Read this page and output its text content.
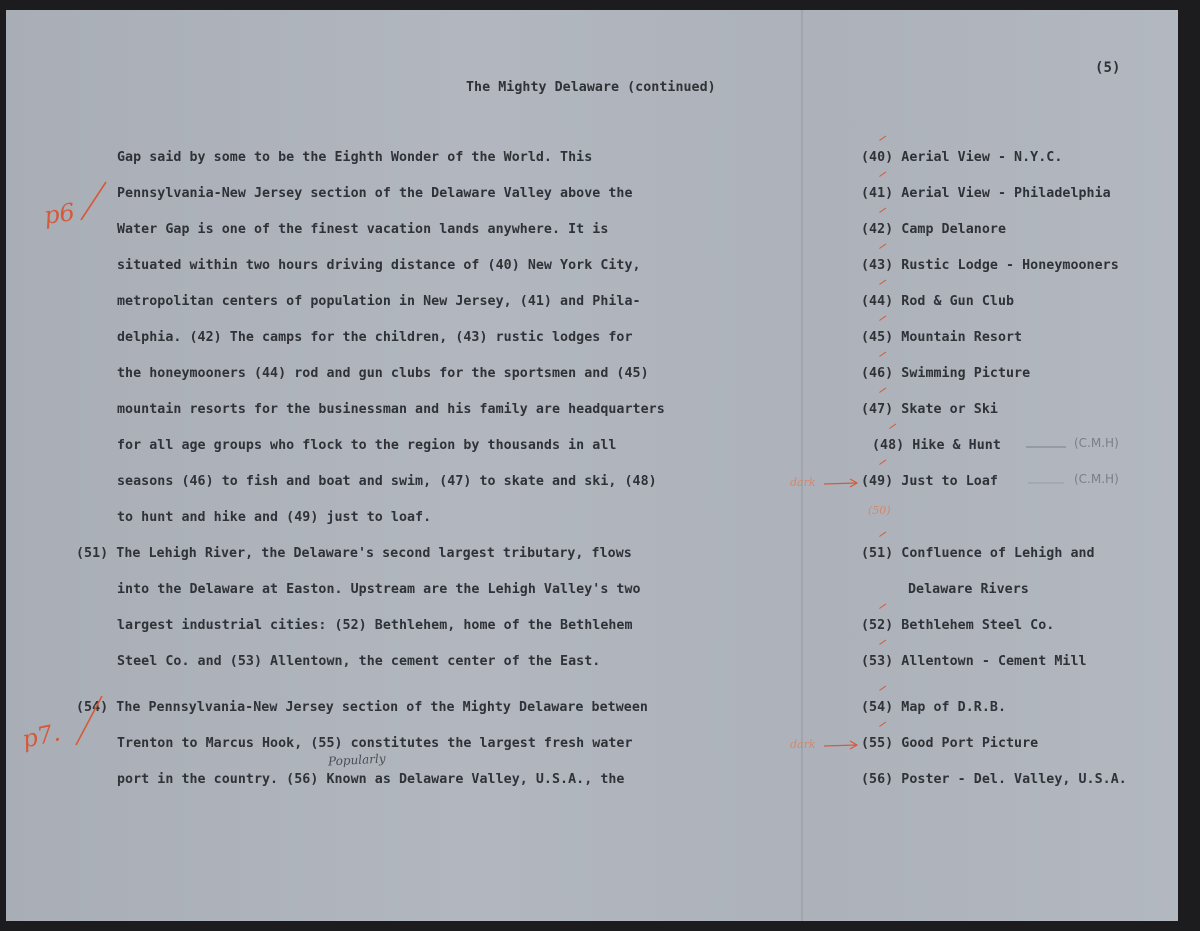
The Mighty Delaware (continued)
(5)
Gap said by some to be the Eighth Wonder of the World. This
Pennsylvania-New Jersey section of the Delaware Valley above the
Water Gap is one of the finest vacation lands anywhere. It is
situated within two hours driving distance of (40) New York City,
metropolitan centers of population in New Jersey, (41) and Phila-
delphia. (42) The camps for the children, (43) rustic lodges for
the honeymooners (44) rod and gun clubs for the sportsmen and (45)
mountain resorts for the businessman and his family are headquarters
for all age groups who flock to the region by thousands in all
seasons (46) to fish and boat and swim, (47) to skate and ski, (48)
to hunt and hike and (49) just to loaf.
(51) The Lehigh River, the Delaware's second largest tributary, flows
into the Delaware at Easton. Upstream are the Lehigh Valley's two
largest industrial cities: (52) Bethlehem, home of the Bethlehem
Steel Co. and (53) Allentown, the cement center of the East.
(54) The Pennsylvania-New Jersey section of the Mighty Delaware between
Trenton to Marcus Hook, (55) constitutes the largest fresh water
port in the country. (56) Known as Delaware Valley, U.S.A., the
(40) Aerial View - N.Y.C.
(41) Aerial View - Philadelphia
(42) Camp Delanore
(43) Rustic Lodge - Honeymooners
(44) Rod & Gun Club
(45) Mountain Resort
(46) Swimming Picture
(47) Skate or Ski
(48) Hike & Hunt
(49) Just to Loaf
(51) Confluence of Lehigh and
Delaware Rivers
(52) Bethlehem Steel Co.
(53) Allentown - Cement Mill
(54) Map of D.R.B.
(55) Good Port Picture
(56) Poster - Del. Valley, U.S.A.
p6
p7.
Popularly
(C.M.H)
(C.M.H)
dark
dark
(50)
